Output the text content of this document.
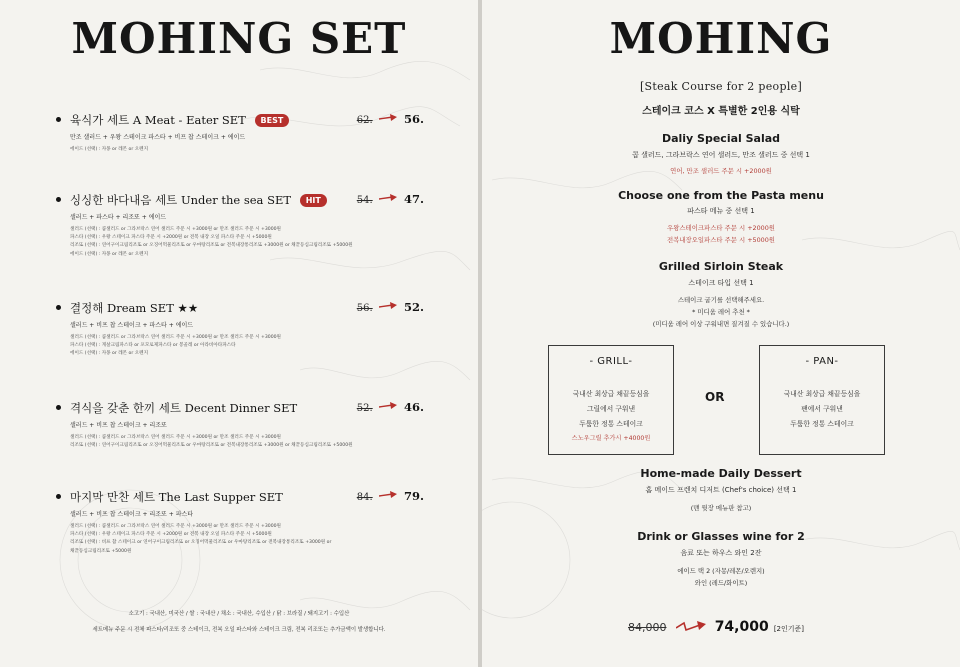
MOHING SET
육식가 세트 A Meat - Eater SET BEST	62.	56.
만조 샐러드 + 우왕 스테이크 파스타 + 비프 찹 스테이크 + 에이드
에이드 (선택) : 자몽 or 레몬 or 오렌지
싱싱한 바다내음 세트 Under the sea SET HIT	54.	47.
샐러드 + 파스타 + 리조또 + 에이드
샐러드 (선택) : 콥샐러드 or 그라브락스 연어 샐러드 주문 시 +3000원 or 만조 샐러드 주문 시 +3000원
파스타 (선택) : 우왕 스테이크 파스타 주문 시 +2000원 or 전복 내장 오일 파스타 주문 시 +5000원
리조또 (선택) : 연어구이크림리조또 or 오징어먹물리조또 or 우마탕리조또 or 전복내장통리조또 +3000원 or 채끝등심크림리조또 +5000원
에이드 (선택) : 자몽 or 레몬 or 오렌지
결정해 Dream SET ★★	56.	52.
샐러드 + 비프 찹 스테이크 + 파스타 + 에이드
샐러드 (선택) : 콥샐러드 or 그라브락스 연어 샐러드 주문 시 +3000원 or 만조 샐러드 주문 시 +3000원
파스타 (선택) : 게살크림파스타 or 포모로제파스타 or 봉골레 or 아라비아타파스타
에이드 (선택) : 자몽 or 레몬 or 오렌지
격식을 갖춘 한끼 세트 Decent Dinner SET	52.	46.
샐러드 + 비프 찹 스테이크 + 리조또
샐러드 (선택) : 콥샐러드 or 그라브락스 연어 샐러드 주문 시 +3000원 or 만조 샐러드 주문 시 +3000원
리조또 (선택) : 연어구이크림리조또 or 오징어먹물리조또 or 우마탕리조또 or 전복내장통리조또 +3000원 or 채끝등심크림리조또 +5000원
마지막 만찬 세트 The Last Supper SET	84.	79.
샐러드 + 비프 찹 스테이크 + 리조또 + 파스타
샐러드 (선택) : 콥샐러드 or 그라브락스 연어 샐러드 주문 시 +3000원 or 만조 샐러드 주문 시 +3000원
파스타 (선택) : 우왕 스테이크 파스타 주문 시 +2000원 or 전복 내장 오일 파스타 주문 시 +5000원
리조또 (선택) : 비프 찹 스테이크 or 연어구이크림리조또 or 오징어먹물리조또 or 우마탕리조또 or 전복내장통리조또 +3000원 or
채끝등심크림리조또 +5000원
소고기 : 국내산, 미국산 / 쌀 : 국내산 / 채소 : 국내산, 수입산 / 닭 : 브라질 / 돼지고기 : 수입산
세트메뉴 주문 시 전체 파스타/리조또 중 스테이크, 전복 오일 파스타와 스테이크 크림, 전복 리조또는 추가금액이 발생합니다.
MOHING
[Steak Course for 2 people]
스테이크 코스 X 특별한 2인용 식탁
Daliy Special Salad
콥 샐러드, 그라브락스 연어 샐러드, 만조 샐러드 중 선택 1
연어, 만조 샐러드 주문 시 +2000원
Choose one from the Pasta menu
파스타 메뉴 중 선택 1
우왕스테이크파스타 주문 시 +2000원
전복내장오일파스타 주문 시 +5000원
Grilled Sirloin Steak
스테이크 타입 선택 1
스테이크 굽기를 선택해주세요.
* 미디움 레어 추천 *
(미디움 레어 이상 구워내면 질겨질 수 있습니다.)
- GRILL-
국내산 최상급 채끝등심을
그릴에서 구워낸
두툼한 정통 스테이크
스노우그릴 추가시 +4000원
OR
- PAN-
국내산 최상급 채끝등심을
팬에서 구워낸
두툼한 정통 스테이크
Home-made Daily Dessert
홈 메이드 프렌치 디저트 (Chef's choice) 선택 1
(맨 뒷장 메뉴판 참고)
Drink or Glasses wine for 2
음료 또는 하우스 와인 2잔
에이드 택 2 (자몽/레몬/오렌지)
와인 (레드/화이트)
84,000	74,000 [2인기준]
